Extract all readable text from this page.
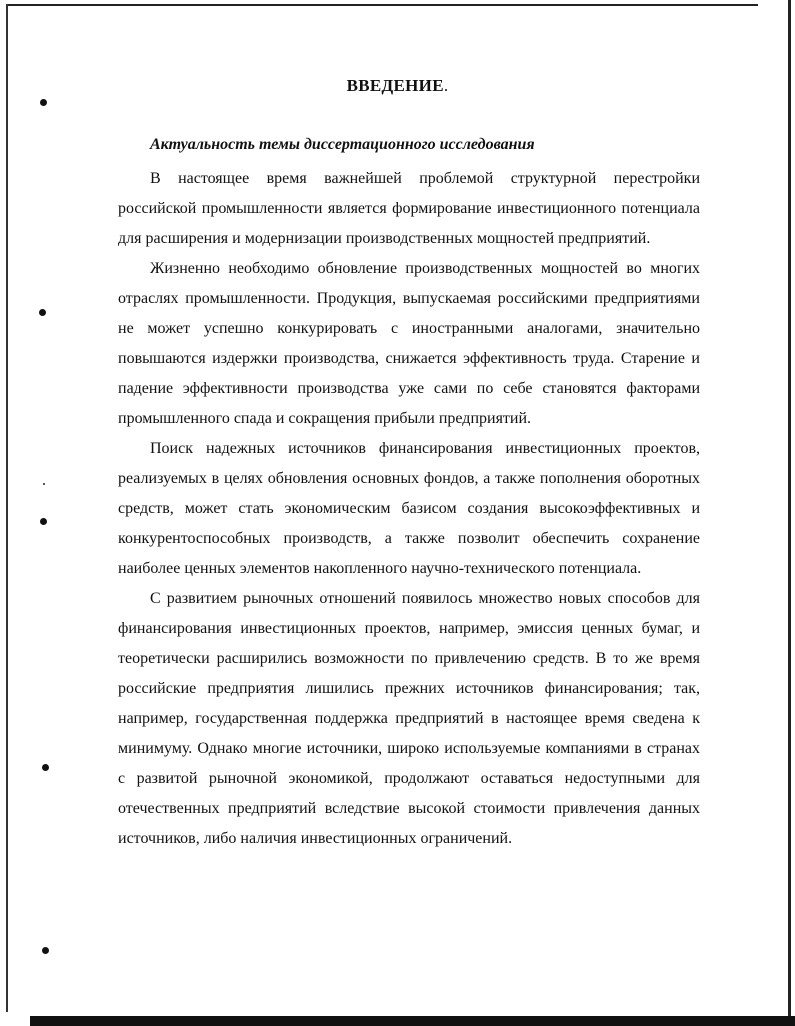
ВВЕДЕНИЕ.
Актуальность темы диссертационного исследования

В настоящее время важнейшей проблемой структурной перестройки российской промышленности является формирование инвестиционного потенциала для расширения и модернизации производственных мощностей предприятий.

Жизненно необходимо обновление производственных мощностей во многих отраслях промышленности. Продукция, выпускаемая российскими предприятиями не может успешно конкурировать с иностранными аналогами, значительно повышаются издержки производства, снижается эффективность труда. Старение и падение эффективности производства уже сами по себе становятся факторами промышленного спада и сокращения прибыли предприятий.

Поиск надежных источников финансирования инвестиционных проектов, реализуемых в целях обновления основных фондов, а также пополнения оборотных средств, может стать экономическим базисом создания высокоэффективных и конкурентоспособных производств, а также позволит обеспечить сохранение наиболее ценных элементов накопленного научно-технического потенциала.

С развитием рыночных отношений появилось множество новых способов для финансирования инвестиционных проектов, например, эмиссия ценных бумаг, и теоретически расширились возможности по привлечению средств. В то же время российские предприятия лишились прежних источников финансирования; так, например, государственная поддержка предприятий в настоящее время сведена к минимуму. Однако многие источники, широко используемые компаниями в странах с развитой рыночной экономикой, продолжают оставаться недоступными для отечественных предприятий вследствие высокой стоимости привлечения данных источников, либо наличия инвестиционных ограничений.
